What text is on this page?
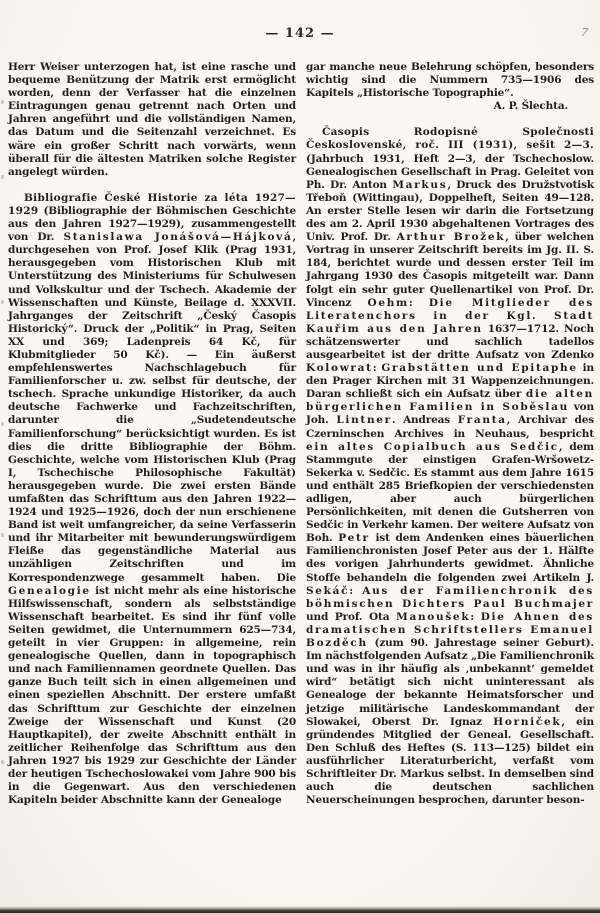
— 142 —	7

Herr Weiser unterzogen hat, ist eine rasche und bequeme Benützung der Matrik erst ermöglicht worden, denn der Verfasser hat die einzelnen Eintragungen genau getrennt nach Orten und Jahren angeführt und die vollständigen Namen, das Datum und die Seitenzahl verzeichnet. Es wäre ein großer Schritt nach vorwärts, wenn überall für die ältesten Matriken solche Register angelegt würden.

Bibliografie České Historie za léta 1927—1929 (Bibliographie der Böhmischen Geschichte aus den Jahren 1927—1929), zusammengestellt von Dr. Stanislawa Jonášová—Hájková, durchgesehen von Prof. Josef Klik (Prag 1931, herausgegeben vom Historischen Klub mit Unterstützung des Ministeriums für Schulwesen und Volkskultur und der Tschech. Akademie der Wissenschaften und Künste, Beilage d. XXXVII. Jahrganges der Zeitschrift „Český Časopis Historický“. Druck der „Politik“ in Prag, Seiten XX und 369; Ladenpreis 64 Kč, für Klubmitglieder 50 Kč). — Ein äußerst empfehlenswertes Nachschlagebuch für Familienforscher u. zw. selbst für deutsche, der tschech. Sprache unkundige Historiker, da auch deutsche Fachwerke und Fachzeitschriften, darunter die „Sudetendeutsche Familienforschung“ berücksichtigt wurden. Es ist dies die dritte Bibliographie der Böhm. Geschichte, welche vom Historischen Klub (Prag I, Tschechische Philosophische Fakultät) herausgegeben wurde. Die zwei ersten Bände umfaßten das Schrifttum aus den Jahren 1922—1924 und 1925—1926, doch der nun erschienene Band ist weit umfangreicher, da seine Verfasserin und ihr Mitarbeiter mit bewunderungswürdigem Fleiße das gegenständliche Material aus unzähligen Zeitschriften und im Korrespondenzwege gesammelt haben. Die Genealogie ist nicht mehr als eine historische Hilfswissenschaft, sondern als selbstständige Wissenschaft bearbeitet. Es sind ihr fünf volle Seiten gewidmet, die Unternummern 625—734, geteilt in vier Gruppen: in allgemeine, rein genealogische Quellen, dann in topographisch und nach Familiennamen geordnete Quellen. Das ganze Buch teilt sich in einen allgemeinen und einen speziellen Abschnitt. Der erstere umfaßt das Schrifttum zur Geschichte der einzelnen Zweige der Wissenschaft und Kunst (20 Hauptkapitel), der zweite Abschnitt enthält in zeitlicher Reihenfolge das Schrifttum aus den Jahren 1927 bis 1929 zur Geschichte der Länder der heutigen Tschechoslowakei vom Jahre 900 bis in die Gegenwart. Aus den verschiedenen Kapiteln beider Abschnitte kann der Genealoge

gar manche neue Belehrung schöpfen, besonders wichtig sind die Nummern 735—1906 des Kapitels „Historische Topographie“.

A. P. Šlechta.

Časopis Rodopisné Společnosti Československé, roč. III (1931), sešit 2—3. (Jahrbuch 1931, Heft 2—3, der Tschechoslow. Genealogischen Gesellschaft in Prag. Geleitet von Ph. Dr. Anton Markus, Druck des Družstvotisk Třeboň (Wittingau), Doppelheft, Seiten 49—128. An erster Stelle lesen wir darin die Fortsetzung des am 2. April 1930 abgehaltenen Vortrages des Univ. Prof. Dr. Arthur Brožek, über welchen Vortrag in unserer Zeitschrift bereits im Jg. II. S. 184, berichtet wurde und dessen erster Teil im Jahrgang 1930 des Časopis mitgeteilt war. Dann folgt ein sehr guter Quellenartikel von Prof. Dr. Vincenz Oehm: Die Mitglieder des Literatenchors in der Kgl. Stadt Kauřim aus den Jahren 1637—1712. Noch schätzenswerter und sachlich tadellos ausgearbeitet ist der dritte Aufsatz von Zdenko Kolowrat: Grabstätten und Epitaphe in den Prager Kirchen mit 31 Wappenzeichnungen. Daran schließt sich ein Aufsatz über die alten bürgerlichen Familien in Soběslau von Joh. Lintner. Andreas Franta, Archivar des Czerninschen Archives in Neuhaus, bespricht ein altes Copialbuch aus Sedčic, dem Stammgute der einstigen Grafen-Wršowetz-Sekerka v. Sedčic. Es stammt aus dem Jahre 1615 und enthält 285 Briefkopien der verschiedensten adligen, aber auch bürgerlichen Persönlichkeiten, mit denen die Gutsherren von Sedčic in Verkehr kamen. Der weitere Aufsatz von Boh. Petr ist dem Andenken eines bäuerlichen Familienchronisten Josef Peter aus der 1. Hälfte des vorigen Jahrhunderts gewidmet. Ähnliche Stoffe behandeln die folgenden zwei Artikeln J. Sekáč: Aus der Familienchronik des böhmischen Dichters Paul Buchmajer und Prof. Ota Manoušek: Die Ahnen des dramatischen Schriftstellers Emanuel Bozděch (zum 90. Jahrestage seiner Geburt). Im nächstfolgenden Aufsatz „Die Familienchronik und was in ihr häufig als ‚unbekannt‘ gemeldet wird“ betätigt sich nicht uninteressant als Genealoge der bekannte Heimatsforscher und jetzige militärische Landeskommandant der Slowakei, Oberst Dr. Ignaz Horniček, ein gründendes Mitglied der Geneal. Gesellschaft. Den Schluß des Heftes (S. 113—125) bildet ein ausführlicher Literaturbericht, verfaßt vom Schriftleiter Dr. Markus selbst. In demselben sind auch die deutschen sachlichen Neuerscheinungen besprochen, darunter beson-
